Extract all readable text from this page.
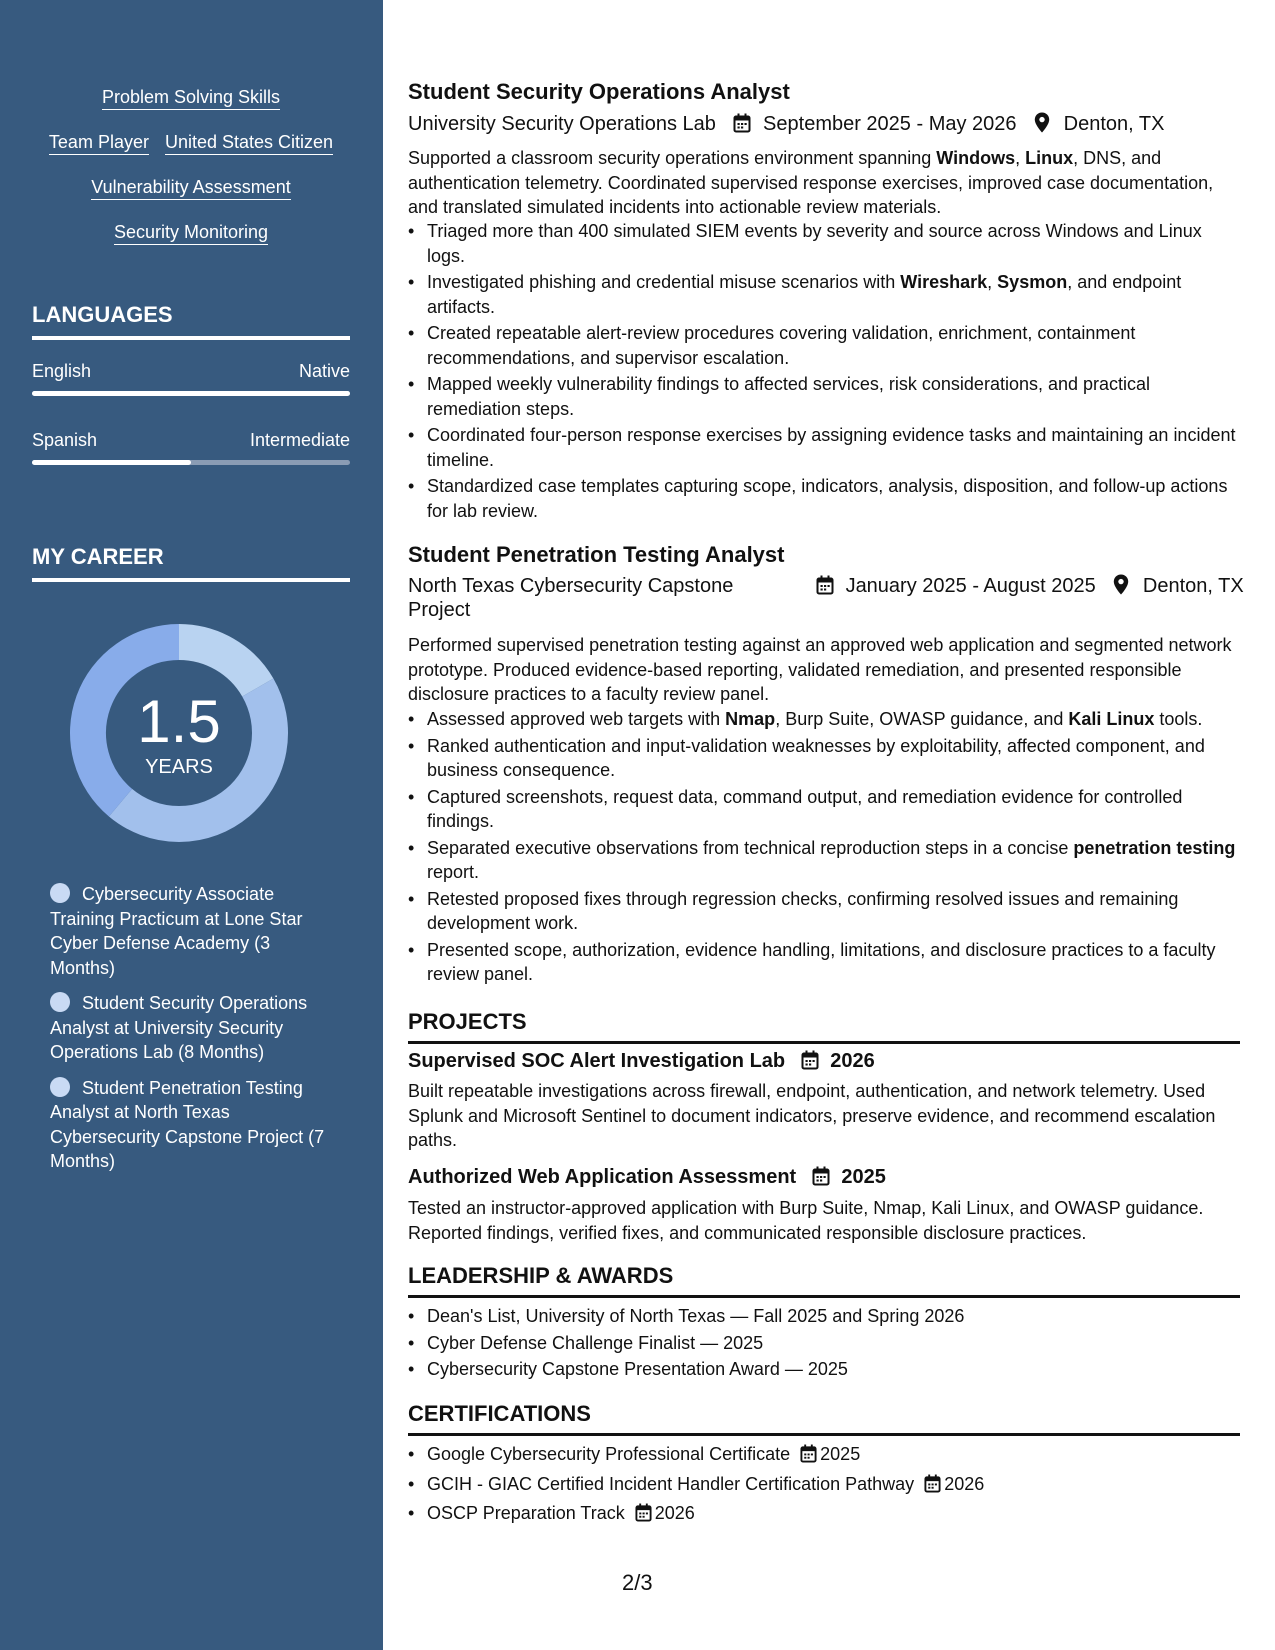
Problem Solving Skills
Team Player United States Citizen
Vulnerability Assessment
Security Monitoring
LANGUAGES
English	Native
Spanish	Intermediate
MY CAREER
1.5
YEARS
Cybersecurity Associate Training Practicum at Lone Star Cyber Defense Academy (3 Months)
Student Security Operations Analyst at University Security Operations Lab (8 Months)
Student Penetration Testing Analyst at North Texas Cybersecurity Capstone Project (7 Months)
Student Security Operations Analyst
University Security Operations Lab September 2025 - May 2026 Denton, TX
Supported a classroom security operations environment spanning Windows, Linux, DNS, and authentication telemetry. Coordinated supervised response exercises, improved case documentation, and translated simulated incidents into actionable review materials.
• Triaged more than 400 simulated SIEM events by severity and source across Windows and Linux logs.
• Investigated phishing and credential misuse scenarios with Wireshark, Sysmon, and endpoint artifacts.
• Created repeatable alert-review procedures covering validation, enrichment, containment recommendations, and supervisor escalation.
• Mapped weekly vulnerability findings to affected services, risk considerations, and practical remediation steps.
• Coordinated four-person response exercises by assigning evidence tasks and maintaining an incident timeline.
• Standardized case templates capturing scope, indicators, analysis, disposition, and follow-up actions for lab review.
Student Penetration Testing Analyst
North Texas Cybersecurity Capstone Project
January 2025 - August 2025 Denton, TX
Performed supervised penetration testing against an approved web application and segmented network prototype. Produced evidence-based reporting, validated remediation, and presented responsible disclosure practices to a faculty review panel.
• Assessed approved web targets with Nmap, Burp Suite, OWASP guidance, and Kali Linux tools.
• Ranked authentication and input-validation weaknesses by exploitability, affected component, and business consequence.
• Captured screenshots, request data, command output, and remediation evidence for controlled findings.
• Separated executive observations from technical reproduction steps in a concise penetration testing report.
• Retested proposed fixes through regression checks, confirming resolved issues and remaining development work.
• Presented scope, authorization, evidence handling, limitations, and disclosure practices to a faculty review panel.
PROJECTS
Supervised SOC Alert Investigation Lab 2026
Built repeatable investigations across firewall, endpoint, authentication, and network telemetry. Used Splunk and Microsoft Sentinel to document indicators, preserve evidence, and recommend escalation paths.
Authorized Web Application Assessment 2025
Tested an instructor-approved application with Burp Suite, Nmap, Kali Linux, and OWASP guidance. Reported findings, verified fixes, and communicated responsible disclosure practices.
LEADERSHIP & AWARDS
• Dean's List, University of North Texas — Fall 2025 and Spring 2026
• Cyber Defense Challenge Finalist — 2025
• Cybersecurity Capstone Presentation Award — 2025
CERTIFICATIONS
• Google Cybersecurity Professional Certificate 2025
• GCIH - GIAC Certified Incident Handler Certification Pathway 2026
• OSCP Preparation Track 2026
2/3
